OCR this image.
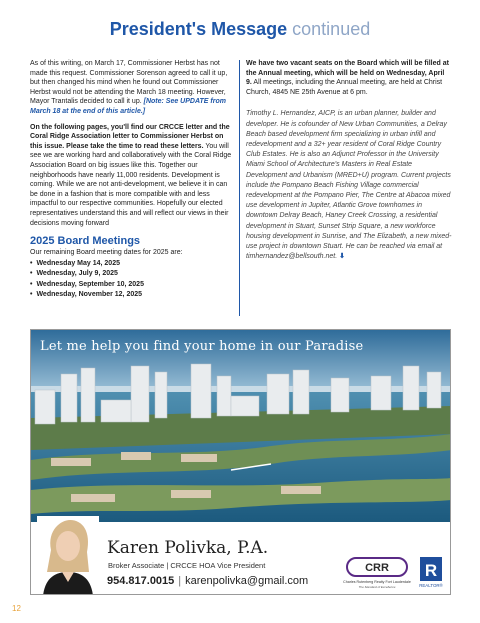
President's Message continued

As of this writing, on March 17, Commissioner Herbst has not made this request. Commissioner Sorenson agreed to call it up, but then changed his mind when he found out Commissioner Herbst would not be attending the March 18 meeting. However, Mayor Trantalis decided to call it up. [Note: See UPDATE from March 18 at the end of this article.]

On the following pages, you'll find our CRCCE letter and the Coral Ridge Association letter to Commissioner Herbst on this issue. Please take the time to read these letters. You will see we are working hard and collaboratively with the Coral Ridge Association Board on big issues like this. Together our neighborhoods have nearly 11,000 residents. Development is coming. While we are not anti-development, we believe it in can be done in a fashion that is more compatible with and less impactful to our respective communities. Hopefully our elected representatives understand this and will reflect our views in their decisions moving forward

2025 Board Meetings
Our remaining Board meeting dates for 2025 are:
• Wednesday May 14, 2025
• Wednesday, July 9, 2025
• Wednesday, September 10, 2025
• Wednesday, November 12, 2025

We have two vacant seats on the Board which will be filled at the Annual meeting, which will be held on Wednesday, April 9. All meetings, including the Annual meeting, are held at Christ Church, 4845 NE 25th Avenue at 6 pm.

Timothy L. Hernandez, AICP, is an urban planner, builder and developer. He is cofounder of New Urban Communities, a Delray Beach based development firm specializing in urban infill and redevelopment and a 32+ year resident of Coral Ridge Country Club Estates. He is also an Adjunct Professor in the University Miami School of Architecture's Masters in Real Estate Development and Urbanism (MRED+U) program. Current projects include the Pompano Beach Fishing Village commercial redevelopment at the Pompano Pier, The Centre at Abacoa mixed use development in Jupiter, Atlantic Grove townhomes in downtown Delray Beach, Haney Creek Crossing, a residential development in Stuart, Sunset Strip Square, a new workforce housing development in Sunrise, and The Elizabeth, a new mixed-use project in downtown Stuart. He can be reached via email at timhernandez@bellsouth.net. ⬇

Let me help you find your home in our Paradise
Karen Polivka, P.A.
Broker Associate | CRCCE HOA Vice President
954.817.0015 | karenpolivka@gmail.com
CRR
Charles Rutenberg Realty Fort Lauderdale
The Standard of Excellence
R
REALTOR®
12
